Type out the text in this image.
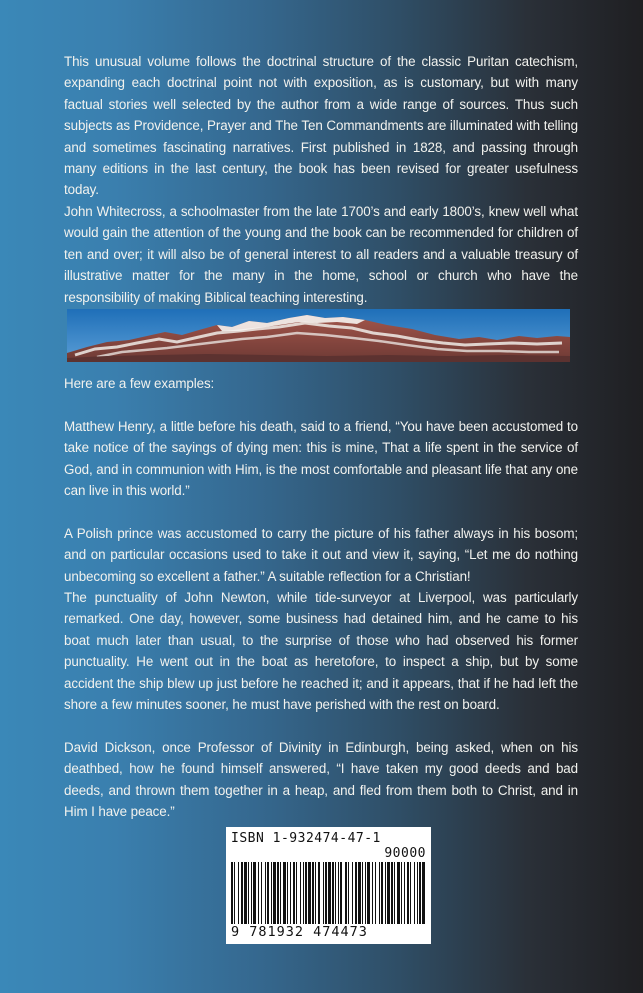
This unusual volume follows the doctrinal structure of the classic Puritan catechism, expanding each doctrinal point not with exposition, as is customary, but with many factual stories well selected by the author from a wide range of sources. Thus such subjects as Providence, Prayer and The Ten Commandments are illuminated with telling and sometimes fascinating narratives. First published in 1828, and passing through many editions in the last century, the book has been revised for greater usefulness today.

John Whitecross, a schoolmaster from the late 1700’s and early 1800’s, knew well what would gain the attention of the young and the book can be recommended for children of ten and over; it will also be of general interest to all readers and a valuable treasury of illustrative matter for the many in the home, school or church who have the responsibility of making Biblical teaching interesting.

Here are a few examples:

Matthew Henry, a little before his death, said to a friend, “You have been accustomed to take notice of the sayings of dying men: this is mine, That a life spent in the service of God, and in communion with Him, is the most comfortable and pleasant life that any one can live in this world.”

A Polish prince was accustomed to carry the picture of his father always in his bosom; and on particular occasions used to take it out and view it, saying, “Let me do nothing unbecoming so excellent a father.” A suitable reflection for a Christian!

The punctuality of John Newton, while tide-surveyor at Liverpool, was particularly remarked. One day, however, some business had detained him, and he came to his boat much later than usual, to the surprise of those who had observed his former punctuality. He went out in the boat as heretofore, to inspect a ship, but by some accident the ship blew up just before he reached it; and it appears, that if he had left the shore a few minutes sooner, he must have perished with the rest on board.

David Dickson, once Professor of Divinity in Edinburgh, being asked, when on his deathbed, how he found himself answered, “I have taken my good deeds and bad deeds, and thrown them together in a heap, and fled from them both to Christ, and in Him I have peace.”

ISBN 1-932474-47-1
90000
9 781932 474473
